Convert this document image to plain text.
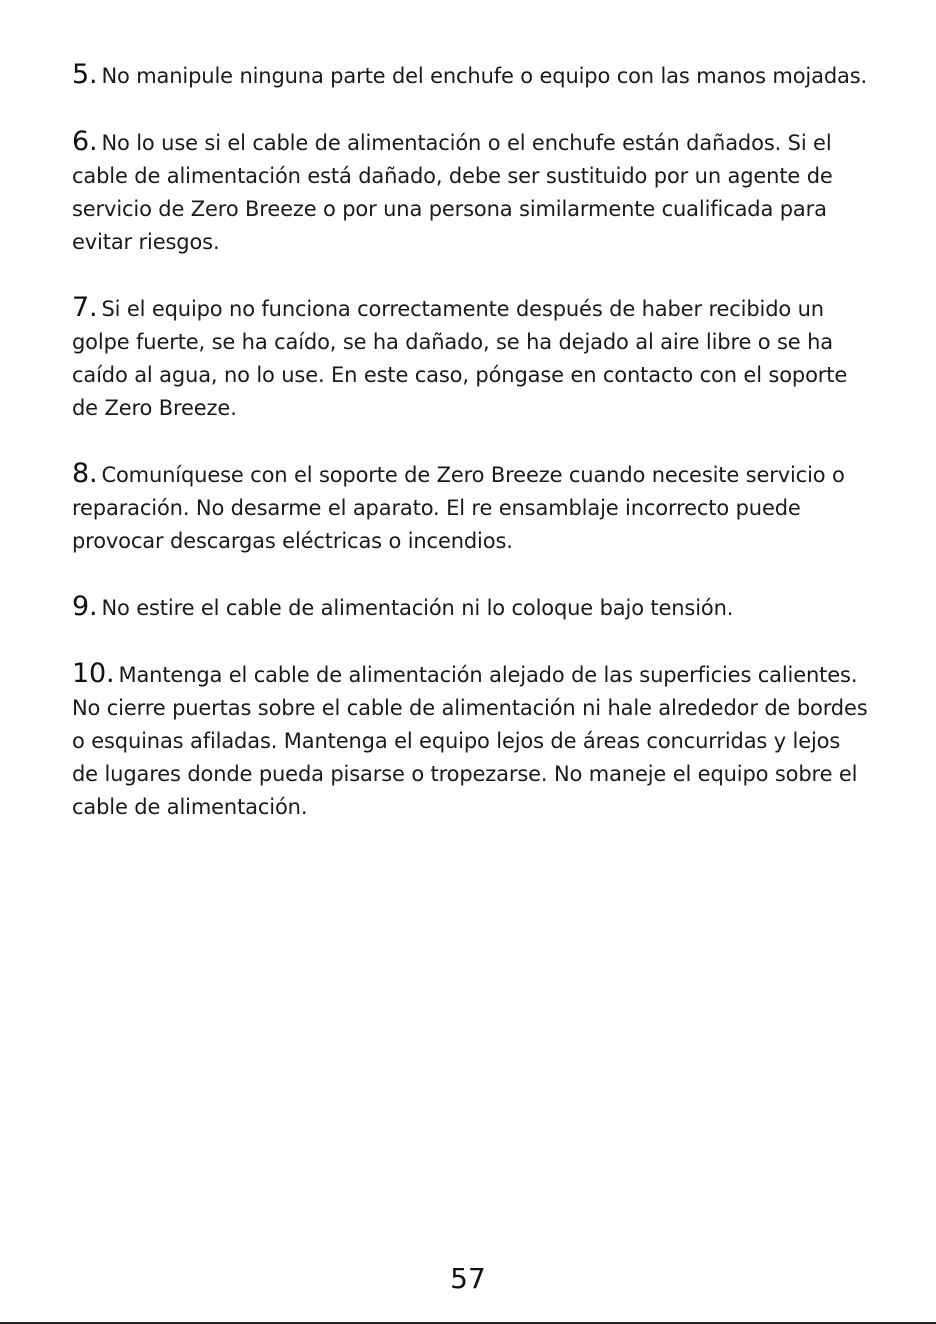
5. No manipule ninguna parte del enchufe o equipo con las manos mojadas.

6. No lo use si el cable de alimentación o el enchufe están dañados. Si el cable de alimentación está dañado, debe ser sustituido por un agente de servicio de Zero Breeze o por una persona similarmente cualificada para evitar riesgos.

7. Si el equipo no funciona correctamente después de haber recibido un golpe fuerte, se ha caído, se ha dañado, se ha dejado al aire libre o se ha caído al agua, no lo use. En este caso, póngase en contacto con el soporte de Zero Breeze.

8. Comuníquese con el soporte de Zero Breeze cuando necesite servicio o reparación. No desarme el aparato. El re ensamblaje incorrecto puede provocar descargas eléctricas o incendios.

9. No estire el cable de alimentación ni lo coloque bajo tensión.

10. Mantenga el cable de alimentación alejado de las superficies calientes. No cierre puertas sobre el cable de alimentación ni hale alrededor de bordes o esquinas afiladas. Mantenga el equipo lejos de áreas concurridas y lejos de lugares donde pueda pisarse o tropezarse. No maneje el equipo sobre el cable de alimentación.

57
